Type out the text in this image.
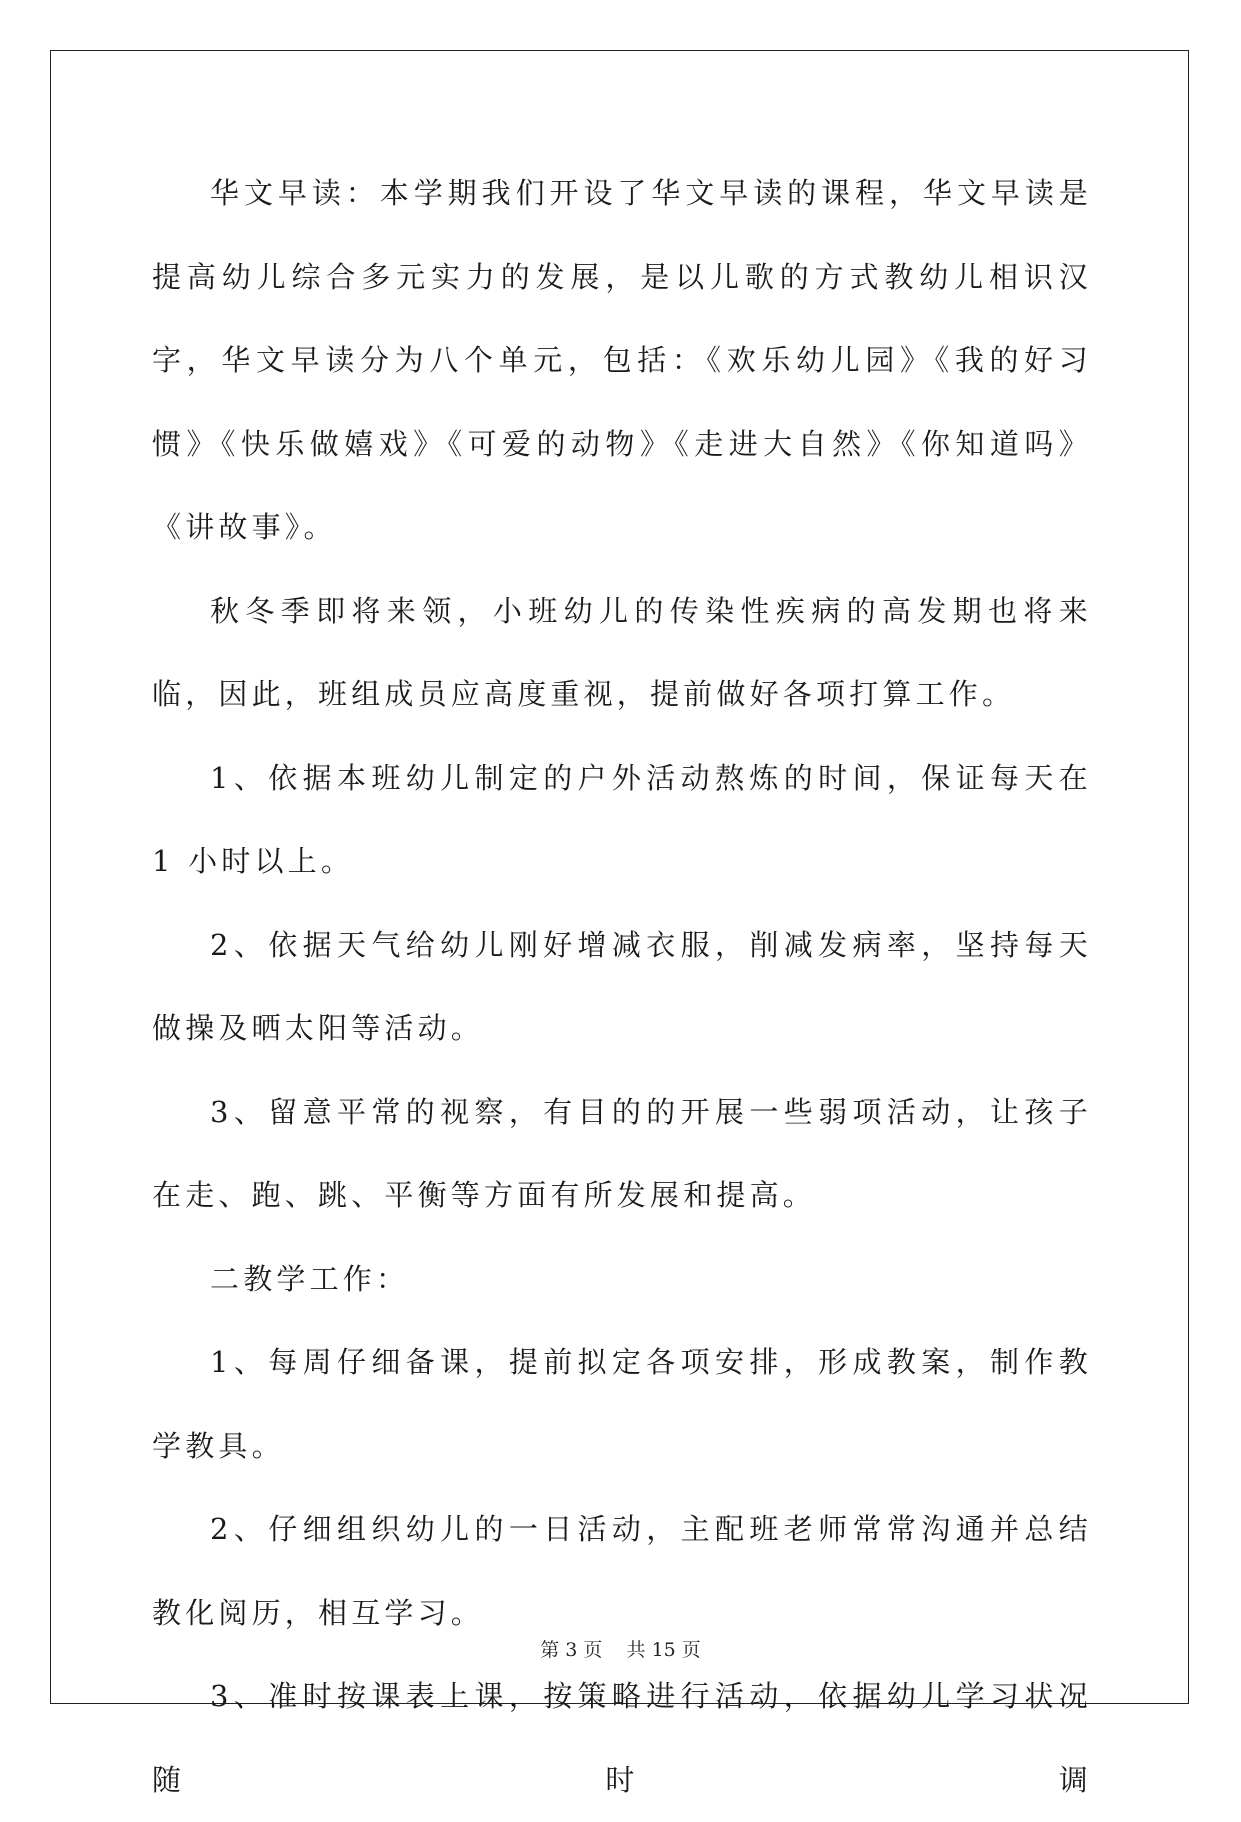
华文早读：本学期我们开设了华文早读的课程，华文早读是提高幼儿综合多元实力的发展，是以儿歌的方式教幼儿相识汉字，华文早读分为八个单元，包括：《欢乐幼儿园》《我的好习惯》《快乐做嬉戏》《可爱的动物》《走进大自然》《你知道吗》《讲故事》。

秋冬季即将来领，小班幼儿的传染性疾病的高发期也将来临，因此，班组成员应高度重视，提前做好各项打算工作。

1、依据本班幼儿制定的户外活动熬炼的时间，保证每天在 1 小时以上。

2、依据天气给幼儿刚好增减衣服，削减发病率，坚持每天做操及晒太阳等活动。

3、留意平常的视察，有目的的开展一些弱项活动，让孩子在走、跑、跳、平衡等方面有所发展和提高。

二教学工作：

1、每周仔细备课，提前拟定各项安排，形成教案，制作教学教具。

2、仔细组织幼儿的一日活动，主配班老师常常沟通并总结教化阅历，相互学习。

3、准时按课表上课，按策略进行活动，依据幼儿学习状况随时调

第 3 页 共 15 页
